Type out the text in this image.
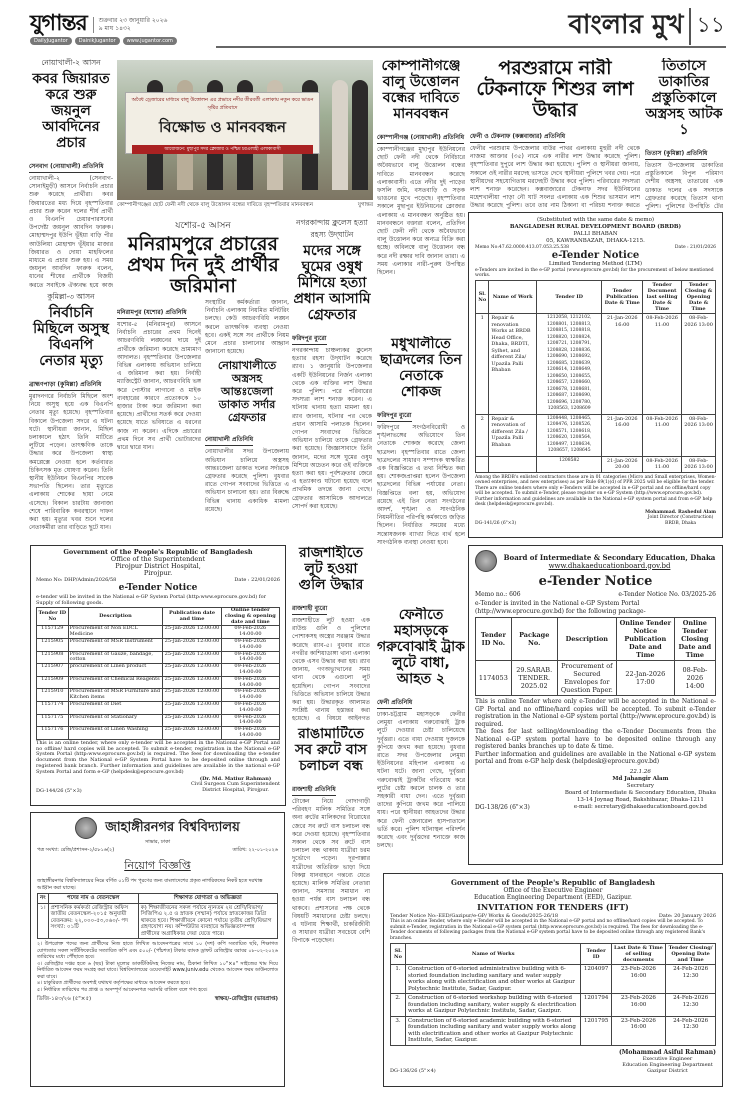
যুগান্তর শুক্রবার ২৩ জানুয়ারি ২০২৬
৯ মাঘ ১৪৩২
DailyJugantor	DainikJugantor	www.jugantor.com
বাংলার মুখ ১১
নোয়াখালী-২ আসন
কবর জিয়ারত করে শুরু জয়নুল আবদিনের প্রচার
সেনবাগ (নোয়াখালী) প্রতিনিধি
নোয়াখালী-২ (সেনবাগ-সোনাইমুড়ী) আসনে নির্বাচনি প্রচার শুরু করেছে প্রার্থীরা। কবর জিয়ারতের মধ্য দিয়ে বৃহস্পতিবার প্রচার শুরু করেন দলের শীর্ষ প্রার্থী ও বিএনপি চেয়ারপারসনের উপদেষ্টা জয়নুল আবদিন ফারুক। মোহাম্মদপুর ইউপি ভূঁইয়া বাড়ি পীর আউলিয়া মোহাম্মদ ভূঁইয়ার মাজার জিয়ারত ও দোয়া মাহফিলের মাধ্যমে এ প্রচার শুরু হয়। এ সময় জয়নুল আবদিন ফারুক বলেন, ধানের শীষের প্রার্থীকে বিজয়ী করতে সবাইকে ঐক্যবদ্ধ হয়ে কাজ
কুমিল্লা-৩ আসন
নির্বাচনি মিছিলে অসুস্থ বিএনপি নেতার মৃত্যু
ব্রাহ্মণপাড়া (কুমিল্লা) প্রতিনিধি
মুরাদনগরে নির্বাচনি মিছিলে অংশ নিয়ে অসুস্থ হয়ে এক বিএনপি নেতার মৃত্যু হয়েছে। বৃহস্পতিবার বিকালে উপজেলা সদরে এ ঘটনা ঘটে। স্থানীয়রা জানান, মিছিল চলাকালে হঠাৎ তিনি মাটিতে লুটিয়ে পড়েন। তাৎক্ষণিক তাকে উদ্ধার করে উপজেলা স্বাস্থ্য কমপ্লেক্সে নেওয়া হলে কর্তব্যরত চিকিৎসক মৃত ঘোষণা করেন। তিনি স্থানীয় ইউনিয়ন বিএনপির সাবেক সভাপতি ছিলেন। তার মৃত্যুতে এলাকায় শোকের ছায়া নেমে এসেছে। বিকাল চারটায় জানাজা শেষে পারিবারিক কবরস্থানে দাফন করা হয়। মৃত্যুর খবর শুনে দলের নেতাকর্মীরা তার বাড়িতে ছুটে যান।
অবৈধ ড্রেজারের মাধ্যমে বালু উত্তোলন এর প্রভাবে নদীর তীরবর্তী এলাকায় নতুন করে ভাঙন সৃষ্টির প্রতিবাদে
বিক্ষোভ ও মানববন্ধন
আয়োজনে: মুছাপুর সদর ক্লোজার ও পশ্চিম চরএলাহী এলাকাবাসী
কোম্পানীগঞ্জের ছোট ফেনী নদী থেকে বালু উত্তোলন বন্ধের দাবিতে বৃহস্পতিবার মানববন্ধন	যুগান্তর
যশোর-৫ আসন
মনিরামপুরে প্রচারের প্রথম দিন দুই প্রার্থীর জরিমানা
মনিরামপুর (যশোর) প্রতিনিধি
যশোর-৫ (মনিরামপুর) আসনে নির্বাচনি প্রচারের প্রথম দিনেই আচরণবিধি লঙ্ঘনের দায়ে দুই প্রার্থীকে জরিমানা করেছে ভ্রাম্যমাণ আদালত। বৃহস্পতিবার উপজেলার বিভিন্ন এলাকায় অভিযান চালিয়ে এ জরিমানা করা হয়। নির্বাহী ম্যাজিস্ট্রেট জানান, আচরণবিধি ভঙ্গ করে পোস্টার লাগানো ও মাইক ব্যবহারের কারণে প্রত্যেককে ১০ হাজার টাকা করে জরিমানা করা হয়েছে। প্রার্থীদের সতর্ক করে দেওয়া হয়েছে যাতে ভবিষ্যতে এ ধরনের কাজ না করেন। এদিকে প্রচারের প্রথম দিনে সব প্রার্থী ভোটারদের দ্বারে দ্বারে যান।
সংস্থাটির কর্মকর্তারা জানান, নির্বাচনি এলাকায় নিয়মিত মনিটরিং চলছে। কেউ আচরণবিধি লঙ্ঘন করলে তাৎক্ষণিক ব্যবস্থা নেওয়া হবে। একই সঙ্গে সব প্রার্থীকে নিয়ম মেনে প্রচার চালানোর আহ্বান জানানো হয়েছে।
নোয়াখালীতে অস্ত্রসহ আন্তঃজেলা ডাকাত সর্দার গ্রেফতার
নোয়াখালী প্রতিনিধি
নোয়াখালীর সদর উপজেলায় অভিযান চালিয়ে অস্ত্রসহ আন্তঃজেলা ডাকাত দলের সর্দারকে গ্রেফতার করেছে পুলিশ। বুধবার রাতে গোপন সংবাদের ভিত্তিতে এ অভিযান চালানো হয়। তার বিরুদ্ধে বিভিন্ন থানায় একাধিক মামলা রয়েছে।
নগরকান্দায় ক্লুলেস হত্যা রহস্য উদ্‌ঘাটন
মদের সঙ্গে ঘুমের ওষুধ মিশিয়ে হত্যা প্রধান আসামি গ্রেফতার
ফরিদপুর ব্যুরো
নগরকান্দায় চাঞ্চল্যকর ক্লুলেস হত্যার রহস্য উদ্‌ঘাটন করেছে র‍্যাব। ১ জানুয়ারি উপজেলার একটি ইউনিয়নের নির্জন এলাকা থেকে এক ব্যক্তির লাশ উদ্ধার করে পুলিশ। পরে পরিবারের সদস্যরা লাশ শনাক্ত করেন। এ ঘটনায় থানায় হত্যা মামলা হয়। র‍্যাব জানায়, ঘটনার পর থেকে প্রধান আসামি পলাতক ছিলেন। গোপন সংবাদের ভিত্তিতে অভিযান চালিয়ে তাকে গ্রেফতার করা হয়েছে। জিজ্ঞাসাবাদে তিনি জানান, মদের সঙ্গে ঘুমের ওষুধ মিশিয়ে অচেতন করে ওই ব্যক্তিকে হত্যা করা হয়। পূর্বশত্রুতার জেরে এ হত্যাকাণ্ড ঘটানো হয়েছে বলে প্রাথমিক তদন্তে জানা গেছে। গ্রেফতার আসামিকে আদালতে সোপর্দ করা হয়েছে।
কোম্পানীগঞ্জে বালু উত্তোলন বন্ধের দাবিতে মানববন্ধন
কোম্পানীগঞ্জ (নোয়াখালী) প্রতিনিধি
কোম্পানীগঞ্জের মুছাপুর ইউনিয়নের ছোট ফেনী নদী থেকে নির্বিচারে অবৈধভাবে বালু উত্তোলন বন্ধের দাবিতে মানববন্ধন করেছে এলাকাবাসী। এতে নদীর দুই পাড়ের ফসলি জমি, বসতবাড়ি ও সড়ক ভাঙনের মুখে পড়েছে। বৃহস্পতিবার সকালে মুছাপুর ইউনিয়নের ক্লোজার এলাকায় এ মানববন্ধন অনুষ্ঠিত হয়। মানববন্ধনে বক্তারা বলেন, প্রতিদিন ছোট ফেনী নদী থেকে অবৈধভাবে বালু উত্তোলন করে অন্যত্র বিক্রি করা হচ্ছে। অবিলম্বে বালু উত্তোলন বন্ধ করে নদী রক্ষার দাবি জানান তারা। এ সময় এলাকার নারী-পুরুষ উপস্থিত ছিলেন।
মধুখালীতে ছাত্রদলের তিন নেতাকে শোকজ
ফরিদপুর ব্যুরো
ফরিদপুরে সংগঠনবিরোধী ও শৃঙ্খলাভঙ্গের অভিযোগে তিন নেতাকে শোকজ করেছে জেলা ছাত্রদল। বৃহস্পতিবার রাতে জেলা ছাত্রদলের সাধারণ সম্পাদক স্বাক্ষরিত এক বিজ্ঞপ্তিতে এ তথ্য নিশ্চিত করা হয়। শোকজপ্রাপ্তরা হলেন উপজেলা ছাত্রদলের বিভিন্ন পর্যায়ের নেতা। বিজ্ঞপ্তিতে বলা হয়, অভিযোগ রয়েছে এই তিন নেতা সংগঠনের আদর্শ, শৃঙ্খলা ও সাংগঠনিক নিয়মনীতির পরিপন্থি কর্মকাণ্ডে জড়িত ছিলেন। নির্ধারিত সময়ের মধ্যে সন্তোষজনক ব্যাখ্যা দিতে ব্যর্থ হলে সাংগঠনিক ব্যবস্থা নেওয়া হবে।
ফেনীতে মহাসড়কে গরুবোঝাই ট্রাক লুটে বাধা, আহত ২
ফেনী প্রতিনিধি
ঢাকা-চট্টগ্রাম মহাসড়কে ফেনীর লেমুয়া এলাকায় গরুবোঝাই ট্রাক লুটে দেওয়ার চেষ্টা চালিয়েছে দুর্বৃত্তরা। এতে বাধা দেওয়ায় দুজনকে কুপিয়ে জখম করা হয়েছে। বুধবার রাতে সদর উপজেলার লেমুয়া ইউনিয়নের মহিপাল এলাকায় এ ঘটনা ঘটে। জানা গেছে, দুর্বৃত্তরা গরুবোঝাই ট্রাকটির গতিরোধ করে লুটের চেষ্টা করলে চালক ও তার সহকারী বাধা দেন। এতে দুর্বৃত্তরা তাদের কুপিয়ে জখম করে পালিয়ে যায়। পরে স্থানীয়রা আহতদের উদ্ধার করে ফেনী জেনারেল হাসপাতালে ভর্তি করে। পুলিশ ঘটনাস্থল পরিদর্শন করেছে এবং দুর্বৃত্তদের শনাক্তে কাজ চলছে।
পরশুরামে নারী টেকনাফে শিশুর লাশ উদ্ধার
ফেনী ও টেকনাফ (কক্সবাজার) প্রতিনিধি
ফেনীর পরশুরাম উপজেলার বাউর পাথর এলাকায় মুহুরী নদী থেকে নাজমা আক্তার (৩৫) নামে এক নারীর লাশ উদ্ধার করেছে পুলিশ। বৃহস্পতিবার দুপুরে লাশ উদ্ধার করা হয়েছে। পুলিশ ও স্থানীয়রা জানায়, সকালে ওই নারীর মরদেহ ভাসতে দেখে স্থানীয়রা পুলিশে খবর দেয়। পরে স্থানীয়দের সহযোগিতায় মরদেহটি উদ্ধার করে পুলিশ। পরিবারের সদস্যরা লাশ শনাক্ত করেছেন। কক্সবাজারের টেকনাফ সদর ইউনিয়নের মহেশখালীয়া পাড়া নৌ ঘাট সংলগ্ন এলাকায় এক শিশুর ভাসমান লাশ উদ্ধার করেছে পুলিশ। তবে তার নাম ঠিকানা বা পরিচয় শনাক্ত করতে
তিতাসে ডাকাতির প্রস্তুতিকালে অস্ত্রসহ আটক ১
তিতাস (কুমিল্লা) প্রতিনিধি
তিতাস উপজেলায় ডাকাতির প্রস্তুতিকালে বিপুল পরিমাণ দেশীয় অস্ত্রসহ তাতারের এক ডাকাত দলের এক সদস্যকে গ্রেফতার করেছে তিতাস থানা পুলিশ। পুলিশের উপস্থিতি টের
রাজশাহীতে লুট হওয়া গুলি উদ্ধার
রাজশাহী ব্যুরো
রাজশাহীতে লুট হওয়া এক রাউন্ড গুলি ও পুলিশের পোশাকসহ অস্ত্রের সরঞ্জাম উদ্ধার করেছে র‍্যাব-৫। বুধবার রাতে নগরীর কাশিয়াডাঙ্গা থানা এলাকা থেকে এসব উদ্ধার করা হয়। র‍্যাব জানায়, গণঅভ্যুত্থানের সময় থানা থেকে এগুলো লুট হয়েছিল। গোপন সংবাদের ভিত্তিতে অভিযান চালিয়ে উদ্ধার করা হয়। উদ্ধারকৃত আলামত সংশ্লিষ্ট থানায় হস্তান্তর করা হয়েছে। এ বিষয়ে আইনগত
রাঙামাটিতে সব রুটে বাস চলাচল বন্ধ
রাজশাহী প্রতিনিধি
টোকেন নিয়ে গোদাগাড়ী পরিবহণ মালিক সমিতির সঙ্গে অন্য রুটের মালিকদের বিরোধের জেরে সব রুটে বাস চলাচল বন্ধ করে দেওয়া হয়েছে। বৃহস্পতিবার সকাল থেকে সব রুটে বাস চলাচল বন্ধ থাকায় যাত্রীরা চরম দুর্ভোগে পড়েন। দূরপাল্লার যাত্রীদের অতিরিক্ত ভাড়া দিয়ে বিকল্প যানবাহনে গন্তব্যে যেতে হয়েছে। মালিক সমিতির নেতারা জানান, সমস্যার সমাধান না হওয়া পর্যন্ত বাস চলাচল বন্ধ থাকবে। প্রশাসনের পক্ষ থেকে বিষয়টি সমাধানের চেষ্টা চলছে। এ ঘটনায় শিক্ষার্থী, চাকরিজীবী ও সাধারণ যাত্রীরা সবচেয়ে বেশি বিপাকে পড়েছেন।
(Substituted with the same date & memo)
BANGLADESH RURAL DEVELOPMENT BOARD (BRDB)
PALLI BHABAN
05, KAWRANBAZAR, DHAKA-1215.
Memo No:47.62.0000.413.07.053.25.538	Date : 21/01/2026
e-Tender Notice
Limited Tendering Method (LTM)
e-Tenders are invited in the e-GP portal (www.eprocure.gov.bd) for the procurement of below mentioned works.
Sl. No	Name of Work	Tender ID	Tender Publication Date & Time	Tender Document last selling Date & Time	Tender Closing & Opening Date & Time
1	Repair & renovation Works at BRDB Head Office, Dhaka, BRDTI, Sylhet, and different Zila/ Upazila Palli Bhaban	1212058, 1212102, 1208801, 1208813, 1208815, 1208818, 1208820, 1208824, 1208721, 1208791, 1208828, 1208836, 1208690, 1208692, 1208685, 1208639, 1208614, 1208649, 1208650, 1208655, 1208657, 1208660, 1208678, 1208681, 1208687, 1208690, 1208696, 1208780, 1208563, 1208609	21-Jan-2026 16:00	08-Feb-2026 11:00	08-Feb-2026 13:00
2	Repair & renovation of different Zila / Upazila Palli Bhaban	1208448, 1208465, 1208476, 1208526, 1208571, 1208618, 1208620, 1208564, 1208497, 1208634, 1208657, 1208645	21-Jan-2026 16:00	08-Feb-2026 11:00	08-Feb-2026 13:00
		1208582	21-Jan-2026 20:00	08-Feb-2026 11:00	08-Feb-2026 13:00
Among the BRDB's enlisted contractors those are in 01 categories (Micro and Small enterprises, Women-owned enterprises, and new enterprises) as per Rule 69(1)(d) of PPR 2025 will be eligible for the tender.
There are online tenders where only e-Tenders will be accepted in e-GP portal and no offline/hard copy will be accepted. To submit e-Tender, please register on e-GP System (http://www.eprocure.gov.bd). Further information and guidelines are available in the National e-GP system portal and from e-GP help desk (helpdesk@eprocure.gov.bd).
DG-141/26 (6"×3)
Mohammad. Rashedul Alam
Joint Director (Construction)
BRDB, Dhaka
Board of Intermediate & Secondary Education, Dhaka
www.dhakaeducationboard.gov.bd
e-Tender Notice
Memo no.: 606	e-Tender Notice No. 03/2025-26
e-Tender is invited in the National e-GP System Portal (http://www.eprocure.gov.bd) for the following package-
Tender ID No.	Package No.	Description	Online Tender Notice Publication Date and Time	Online Tender Closing Date and Time
1174053	29.SARAB. TENDER. 2025.02	Procurement of Secured Envelopes for Question Paper.	22-Jan-2026 17:00	08-Feb-2026 14:00
This is online Tender where only e-Tender will be accepted in the National e-GP Portal and no offline/hard copies will be accepted. To submit e-Tender registration in the National e-GP system portal (http://www.eprocure.gov.bd) is required.
The fees for last selling/downloading the e-Tender Documents from the National e-GP system portal have to be deposited online through any registered banks branches up to date & time.
Further information and guidelines are available in the National e-GP system portal and from e-GP help desk (helpdesk@eprocure.gov.bd)
DG-138/26 (6"×3)
22.1.26
Md Jahangir Alam
Secretary
Board of Intermediate & Secondary Education, Dhaka
13-14 Joynag Road, Bakshibazar, Dhaka-1211
e-mail: secretary@dhakaeducationboard.gov.bd
Government of the People's Republic of Bangladesh
Office of the Superintendent
Pirojpur District Hospital,
Pirojpur.
Memo No: DHP/Admin/2026/58	Date : 22/01/2026
e-Tender Notice
e-tender will be invited in the National e-GP System Portal (http:www.eprocure.gov.bd) for Supply of following goods.
Tender ID No	Description	Publication date and time	Online tender closing & opening date and time
1157129	Procurement of Non EDCL Medicine	25-Jan-2026 12:00:00	09-Feb-2026 14:00:00
1215905	Procurement of MSR Instrument	25-Jan-2026 12:00:00	09-Feb-2026 14:00:00
1215908	Procurement of Gauze, bandage, cotton	25-Jan-2026 12:00:00	09-Feb-2026 14:00:00
1215907	procurement of Linen product	25-Jan-2026 12:00:00	09-Feb-2026 14:00:00
1215909	Procurement of Chemical Reagents	25-Jan-2026 12:00:00	09-Feb-2026 14:00:00
1215910	Procurement of MSR Furniture and Kitchen items	25-Jan-2026 12:00:00	09-Feb-2026 14:00:00
1157174	Procurement of Diet	25-Jan-2026 12:00:00	09-Feb-2026 14:00:00
1157175	Procurement of Stationary	25-Jan-2026 12:00:00	09-Feb-2026 14:00:00
1157176	Procurement of Linen Washing	25-Jan-2026 12:00:00	09-Feb-2026 14:00:00
This is an online tender, where only e-tender will be accepted in the National e-GP Portal and no offline/ hard copies will be accepted. To submit e-tender, registration in the National e-GP System Portal (http:www.eprocure.gov.bd) is required. The fees for downloading the e-tender document from the National e-GP System Portal have to be deposited online through and registered bank branch. Further information and guidelines are available in the national e-GP System Portal and form e-GP (helpdesk@eprocure.gov.bd)
DG-144/26 (5"×3)
(Dr. Md. Matiur Rahman)
Civil Surgeon Cum Superintendent
District Hospital, Pirojpur.
জাহাঙ্গীরনগর বিশ্ববিদ্যালয়
সাভার, ঢাকা
পত্র সংখ্যা: রেজি/প্রশাসন-২/৫৮১৬(২)	তারিখ: ২২-০১-২০২৬
নিয়োগ বিজ্ঞপ্তি
জাহাঙ্গীরনগর বিশ্ববিদ্যালয়ের নিম্নে বর্ণিত ০১টি পদ পূরণের জন্য বাংলাদেশের প্রকৃত নাগরিকদের নিকট হতে দরখাস্ত আহ্বান করা যাচ্ছে।
নং	পদের নাম ও বেতনস্কেল	শিক্ষাগত যোগ্যতা ও অভিজ্ঞতা
১।	প্রশাসনিক কর্মকর্তা রেজিস্ট্রার অফিস জাতীয় বেতনস্কেল-২০১৫ অনুযায়ী বেতনক্রম: ২২,০০০-৫৩,০৬০/- পদ সংখ্যা: ০১টি	ক) শিক্ষাজীবনের সকল পর্যায়ে ন্যূনতম ২য় শ্রেণি/বিভাগ/সিজিপিএ ২.৫ ও স্নাতক (সম্মান) পর্যায়ে স্নাতকোত্তর ডিগ্রি থাকতে হবে। শিক্ষাজীবনে কোনো পর্যায়ে তৃতীয় শ্রেণি/বিভাগ গ্রহণযোগ্য নয়। কম্পিউটার ব্যবহারে অভিজ্ঞতাসম্পন্ন প্রার্থীদের অগ্রাধিকার দেয়া যেতে পারে।
২। উপরোক্ত পদের জন্য প্রার্থীদের নিজ হাতে লিখিত আবেদনপত্রের সাথে ১০ (দশ) কপি সত্যায়িত ছবি, শিক্ষাগত যোগ্যতার সকল সার্টিফিকেটের সত্যায়িত কপি এবং ৫০০/- (পাঁচশত) টাকার ব্যাংক ড্রাফট রেজিস্ট্রার বরাবর ০৮-০২-২০২৬ তারিখের মধ্যে পৌঁছাতে হবে।
৩। রেজিস্ট্রার দপ্তর হতে ৬ (ছয়) টাকা মূল্যের ডাকটিকিটসহ নিজের নাম, ঠিকানা লিখিত ১০"×৪" সাইজের খাম দিয়ে নির্ধারিত আবেদন ফরম সংগ্রহ করা যাবে। বিশ্ববিদ্যালয়ের ওয়েবসাইট www.juniv.edu থেকেও আবেদন ফরম ডাউনলোড করা যাবে।
৪। চাকুরিরত প্রার্থীদের অবশ্যই যথাযথ কর্তৃপক্ষের মাধ্যমে আবেদন করতে হবে।
৫। নির্ধারিত তারিখের পর প্রাপ্ত ও অসম্পূর্ণ আবেদনপত্র সরাসরি বাতিল বলে গণ্য হবে।
ডিজি-১৪৩/২৬ (৫"×৫)	স্বাক্ষর/-রেজিস্ট্রার (ভারপ্রাপ্ত)
Government of the People's Republic of Bangladesh
Office of the Executive Engineer
Education Engineering Department (EED), Gazipur.
INVITATION FOR TENDERS (IFT)
Tender Notice No:-EED/Gazipur/e-GP/ Works & Goods/2025-26/18	Date: 20 January 2026
This is an online Tender, where only e-Tender will be accepted in the National e-GP portal and no offline/hard copies will be accepted. To submit e-Tender, registration in the National e-GP system portal (http:www.eprocure.gov.bd) is required. The fees for downloading the e-Tender documents of following packages from the National e-GP system portal have to be deposited online through any registered Bank's branches.
SL No	Name of Works	Tender ID	Last Date & Time of selling documents	Tender Closing/ Opening Date and Time
1.	Construction of 6-storied administrative building with 6-storied foundation including sanitary and water supply works along with electrification and other works at Gazipur Polytechnic Institute, Sadar, Gazipur.	1204097	23-Feb-2026 16:00	24-Feb-2026 12:30
2.	Construction of 6-storied workshop building with 6-storied foundation including sanitary, water supply & electrification works at Gazipur Polytechnic Institute, Sadar, Gazipur.	1201794	23-Feb-2026 16:00	24-Feb-2026 12:30
3.	Construction of 6-storied academic building with 6-storied foundation including sanitary and water supply works along with electrification and other works at Gazipur Polytechnic Institute, Sadar, Gazipur.	1201795	23-Feb-2026 16:00	24-Feb-2026 12:30
DG-136/26 (5"×4)
(Mohammad Asiful Rahman)
Executive Engineer
Education Engineering Department
Gazipur District
